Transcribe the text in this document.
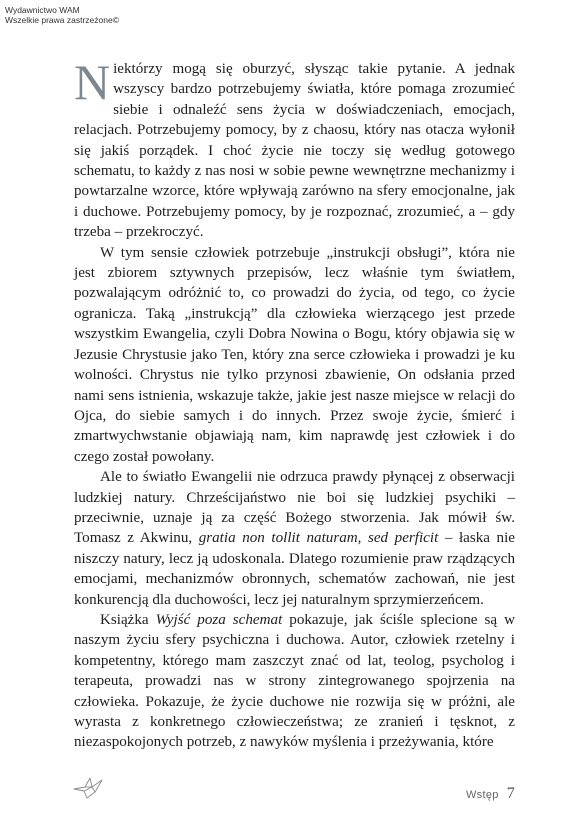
Wydawnictwo WAM
Wszelkie prawa zastrzeżone©

Niektórzy mogą się oburzyć, słysząc takie pytanie. A jednak wszyscy bardzo potrzebujemy światła, które pomaga zrozumieć siebie i odnaleźć sens życia w doświadczeniach, emocjach, relacjach. Potrzebujemy pomocy, by z chaosu, który nas otacza wyłonił się jakiś porządek. I choć życie nie toczy się według gotowego schematu, to każdy z nas nosi w sobie pewne wewnętrzne mechanizmy i powtarzalne wzorce, które wpływają zarówno na sfery emocjonalne, jak i duchowe. Potrzebujemy pomocy, by je rozpoznać, zrozumieć, a – gdy trzeba – przekroczyć.

W tym sensie człowiek potrzebuje „instrukcji obsługi”, która nie jest zbiorem sztywnych przepisów, lecz właśnie tym światłem, pozwalającym odróżnić to, co prowadzi do życia, od tego, co życie ogranicza. Taką „instrukcją” dla człowieka wierzącego jest przede wszystkim Ewangelia, czyli Dobra Nowina o Bogu, który objawia się w Jezusie Chrystusie jako Ten, który zna serce człowieka i prowadzi je ku wolności. Chrystus nie tylko przynosi zbawienie, On odsłania przed nami sens istnienia, wskazuje także, jakie jest nasze miejsce w relacji do Ojca, do siebie samych i do innych. Przez swoje życie, śmierć i zmartwychwstanie objawiają nam, kim naprawdę jest człowiek i do czego został powołany.

Ale to światło Ewangelii nie odrzuca prawdy płynącej z obserwacji ludzkiej natury. Chrześcijaństwo nie boi się ludzkiej psychiki – przeciwnie, uznaje ją za część Bożego stworzenia. Jak mówił św. Tomasz z Akwinu, gratia non tollit naturam, sed perficit – łaska nie niszczy natury, lecz ją udoskonala. Dlatego rozumienie praw rządzących emocjami, mechanizmów obronnych, schematów zachowań, nie jest konkurencją dla duchowości, lecz jej naturalnym sprzymierzeńcem.

Książka Wyjść poza schemat pokazuje, jak ściśle splecione są w naszym życiu sfery psychiczna i duchowa. Autor, człowiek rzetelny i kompetentny, którego mam zaszczyt znać od lat, teolog, psycholog i terapeuta, prowadzi nas w strony zintegrowanego spojrzenia na człowieka. Pokazuje, że życie duchowe nie rozwija się w próżni, ale wyrasta z konkretnego człowieczeństwa; ze zranień i tęsknot, z niezaspokojonych potrzeb, z nawyków myślenia i przeżywania, które

Wstęp 7
